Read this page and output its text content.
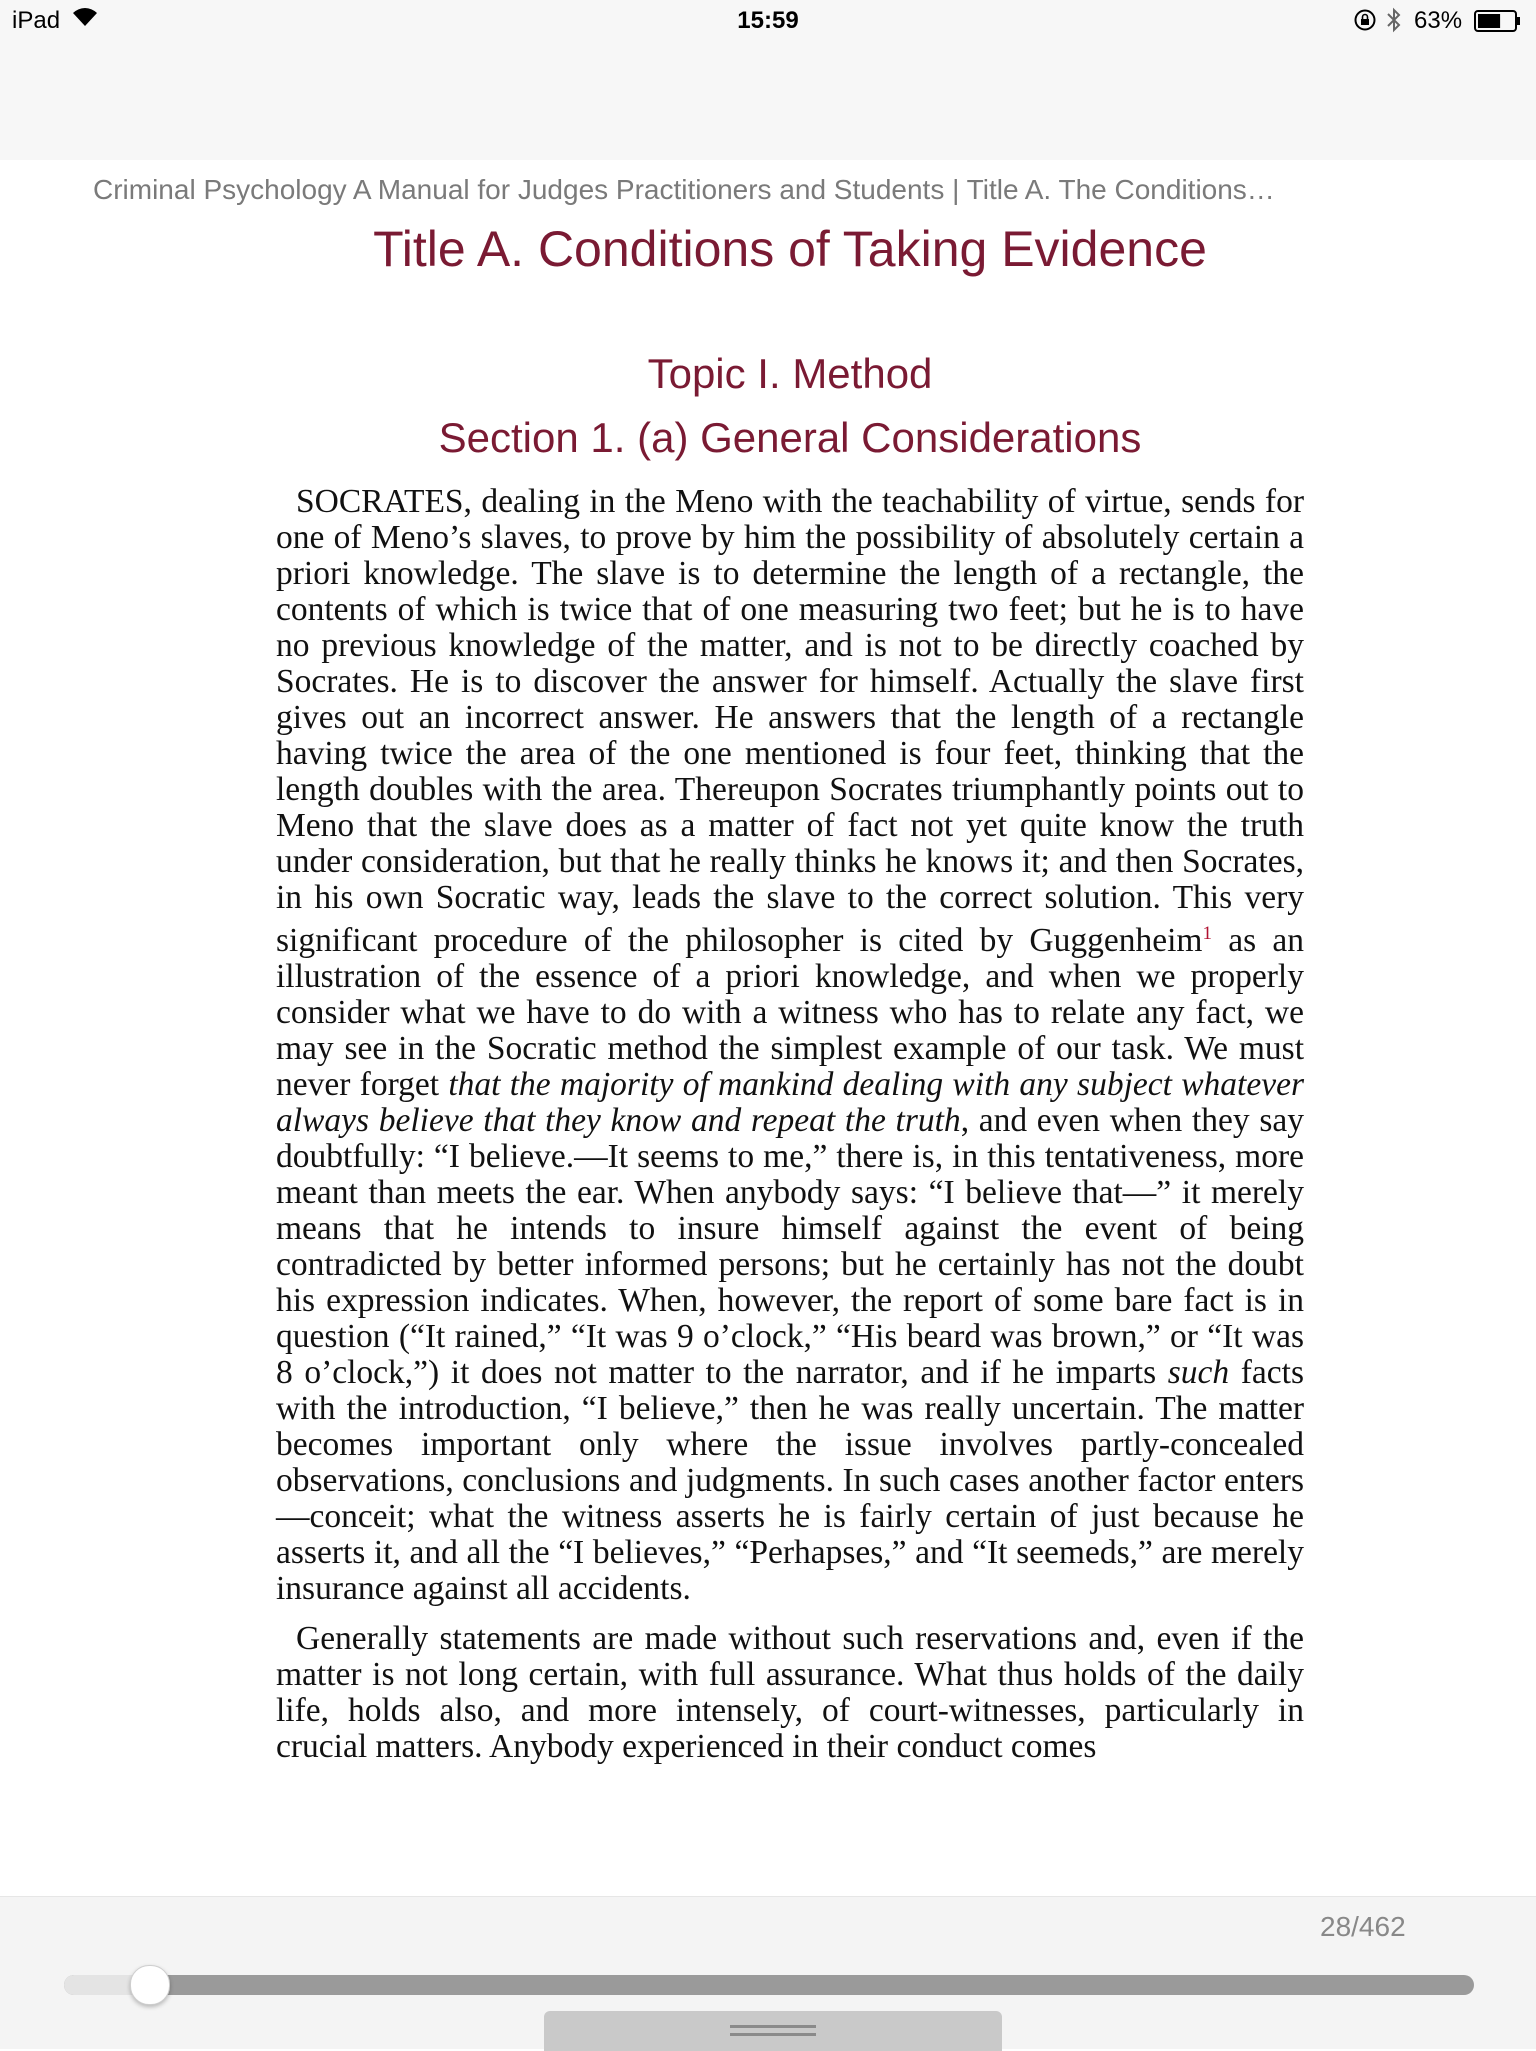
iPad	15:59	63%
Criminal Psychology A Manual for Judges Practitioners and Students | Title A. The Conditions…
Title A. Conditions of Taking Evidence
Topic I. Method
Section 1. (a) General Considerations

SOCRATES, dealing in the Meno with the teachability of virtue, sends for one of Meno’s slaves, to prove by him the possibility of absolutely certain a priori knowledge. The slave is to determine the length of a rectangle, the contents of which is twice that of one measuring two feet; but he is to have no previous knowledge of the matter, and is not to be directly coached by Socrates. He is to discover the answer for himself. Actually the slave first gives out an incorrect answer. He answers that the length of a rectangle having twice the area of the one mentioned is four feet, thinking that the length doubles with the area. Thereupon Socrates triumphantly points out to Meno that the slave does as a matter of fact not yet quite know the truth under consideration, but that he really thinks he knows it; and then Socrates, in his own Socratic way, leads the slave to the correct solution. This very significant procedure of the philosopher is cited by Guggenheim$^1$ as an illustration of the essence of a priori knowledge, and when we properly consider what we have to do with a witness who has to relate any fact, we may see in the Socratic method the simplest example of our task. We must never forget that the majority of mankind dealing with any subject whatever always believe that they know and repeat the truth, and even when they say doubtfully: “I believe.—It seems to me,” there is, in this tentativeness, more meant than meets the ear. When anybody says: “I believe that—” it merely means that he intends to insure himself against the event of being contradicted by better informed persons; but he certainly has not the doubt his expression indicates. When, however, the report of some bare fact is in question (“It rained,” “It was 9 o’clock,” “His beard was brown,” or “It was 8 o’clock,”) it does not matter to the narrator, and if he imparts such facts with the introduction, “I believe,” then he was really uncertain. The matter becomes important only where the issue involves partly-concealed observations, conclusions and judgments. In such cases another factor enters—conceit; what the witness asserts he is fairly certain of just because he asserts it, and all the “I believes,” “Perhapses,” and “It seemeds,” are merely insurance against all accidents.

Generally statements are made without such reservations and, even if the matter is not long certain, with full assurance. What thus holds of the daily life, holds also, and more intensely, of court-witnesses, particularly in crucial matters. Anybody experienced in their conduct comes

28/462
